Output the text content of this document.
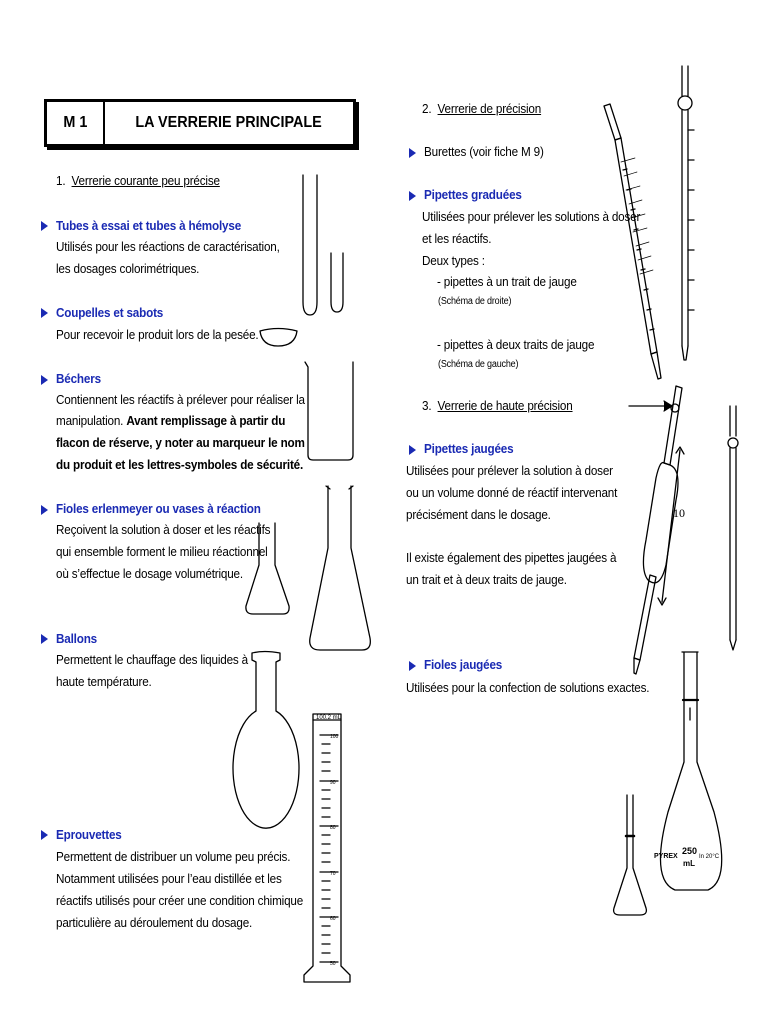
M 1	LA VERRERIE PRINCIPALE
1. Verrerie courante peu précise
Tubes à essai et tubes à hémolyse
Utilisés pour les réactions de caractérisation,
les dosages colorimétriques.
Coupelles et sabots
Pour recevoir le produit lors de la pesée.
Béchers
Contiennent les réactifs à prélever pour réaliser la
manipulation. Avant remplissage à partir du
flacon de réserve, y noter au marqueur le nom
du produit et les lettres-symboles de sécurité.
Fioles erlenmeyer ou vases à réaction
Reçoivent la solution à doser et les réactifs
qui ensemble forment le milieu réactionnel
où s’effectue le dosage volumétrique.
Ballons
Permettent le chauffage des liquides à
haute température.
Eprouvettes
Permettent de distribuer un volume peu précis.
Notamment utilisées pour l’eau distillée et les
réactifs utilisés pour créer une condition chimique
particulière au déroulement du dosage.
2. Verrerie de précision
Burettes (voir fiche M 9)
Pipettes graduées
Utilisées pour prélever les solutions à doser
et les réactifs.
Deux types :
- pipettes à un trait de jauge
(Schéma de droite)
- pipettes à deux traits de jauge
(Schéma de gauche)
3. Verrerie de haute précision
Pipettes jaugées
Utilisées pour prélever la solution à doser
ou un volume donné de réactif intervenant
précisément dans le dosage.
Il existe également des pipettes jaugées à
un trait et à deux traits de jauge.
Fioles jaugées
Utilisées pour la confection de solutions exactes.
100.2 mL
100
90
80
70
60
50
10
PYREX
250
mL
In 20°C
